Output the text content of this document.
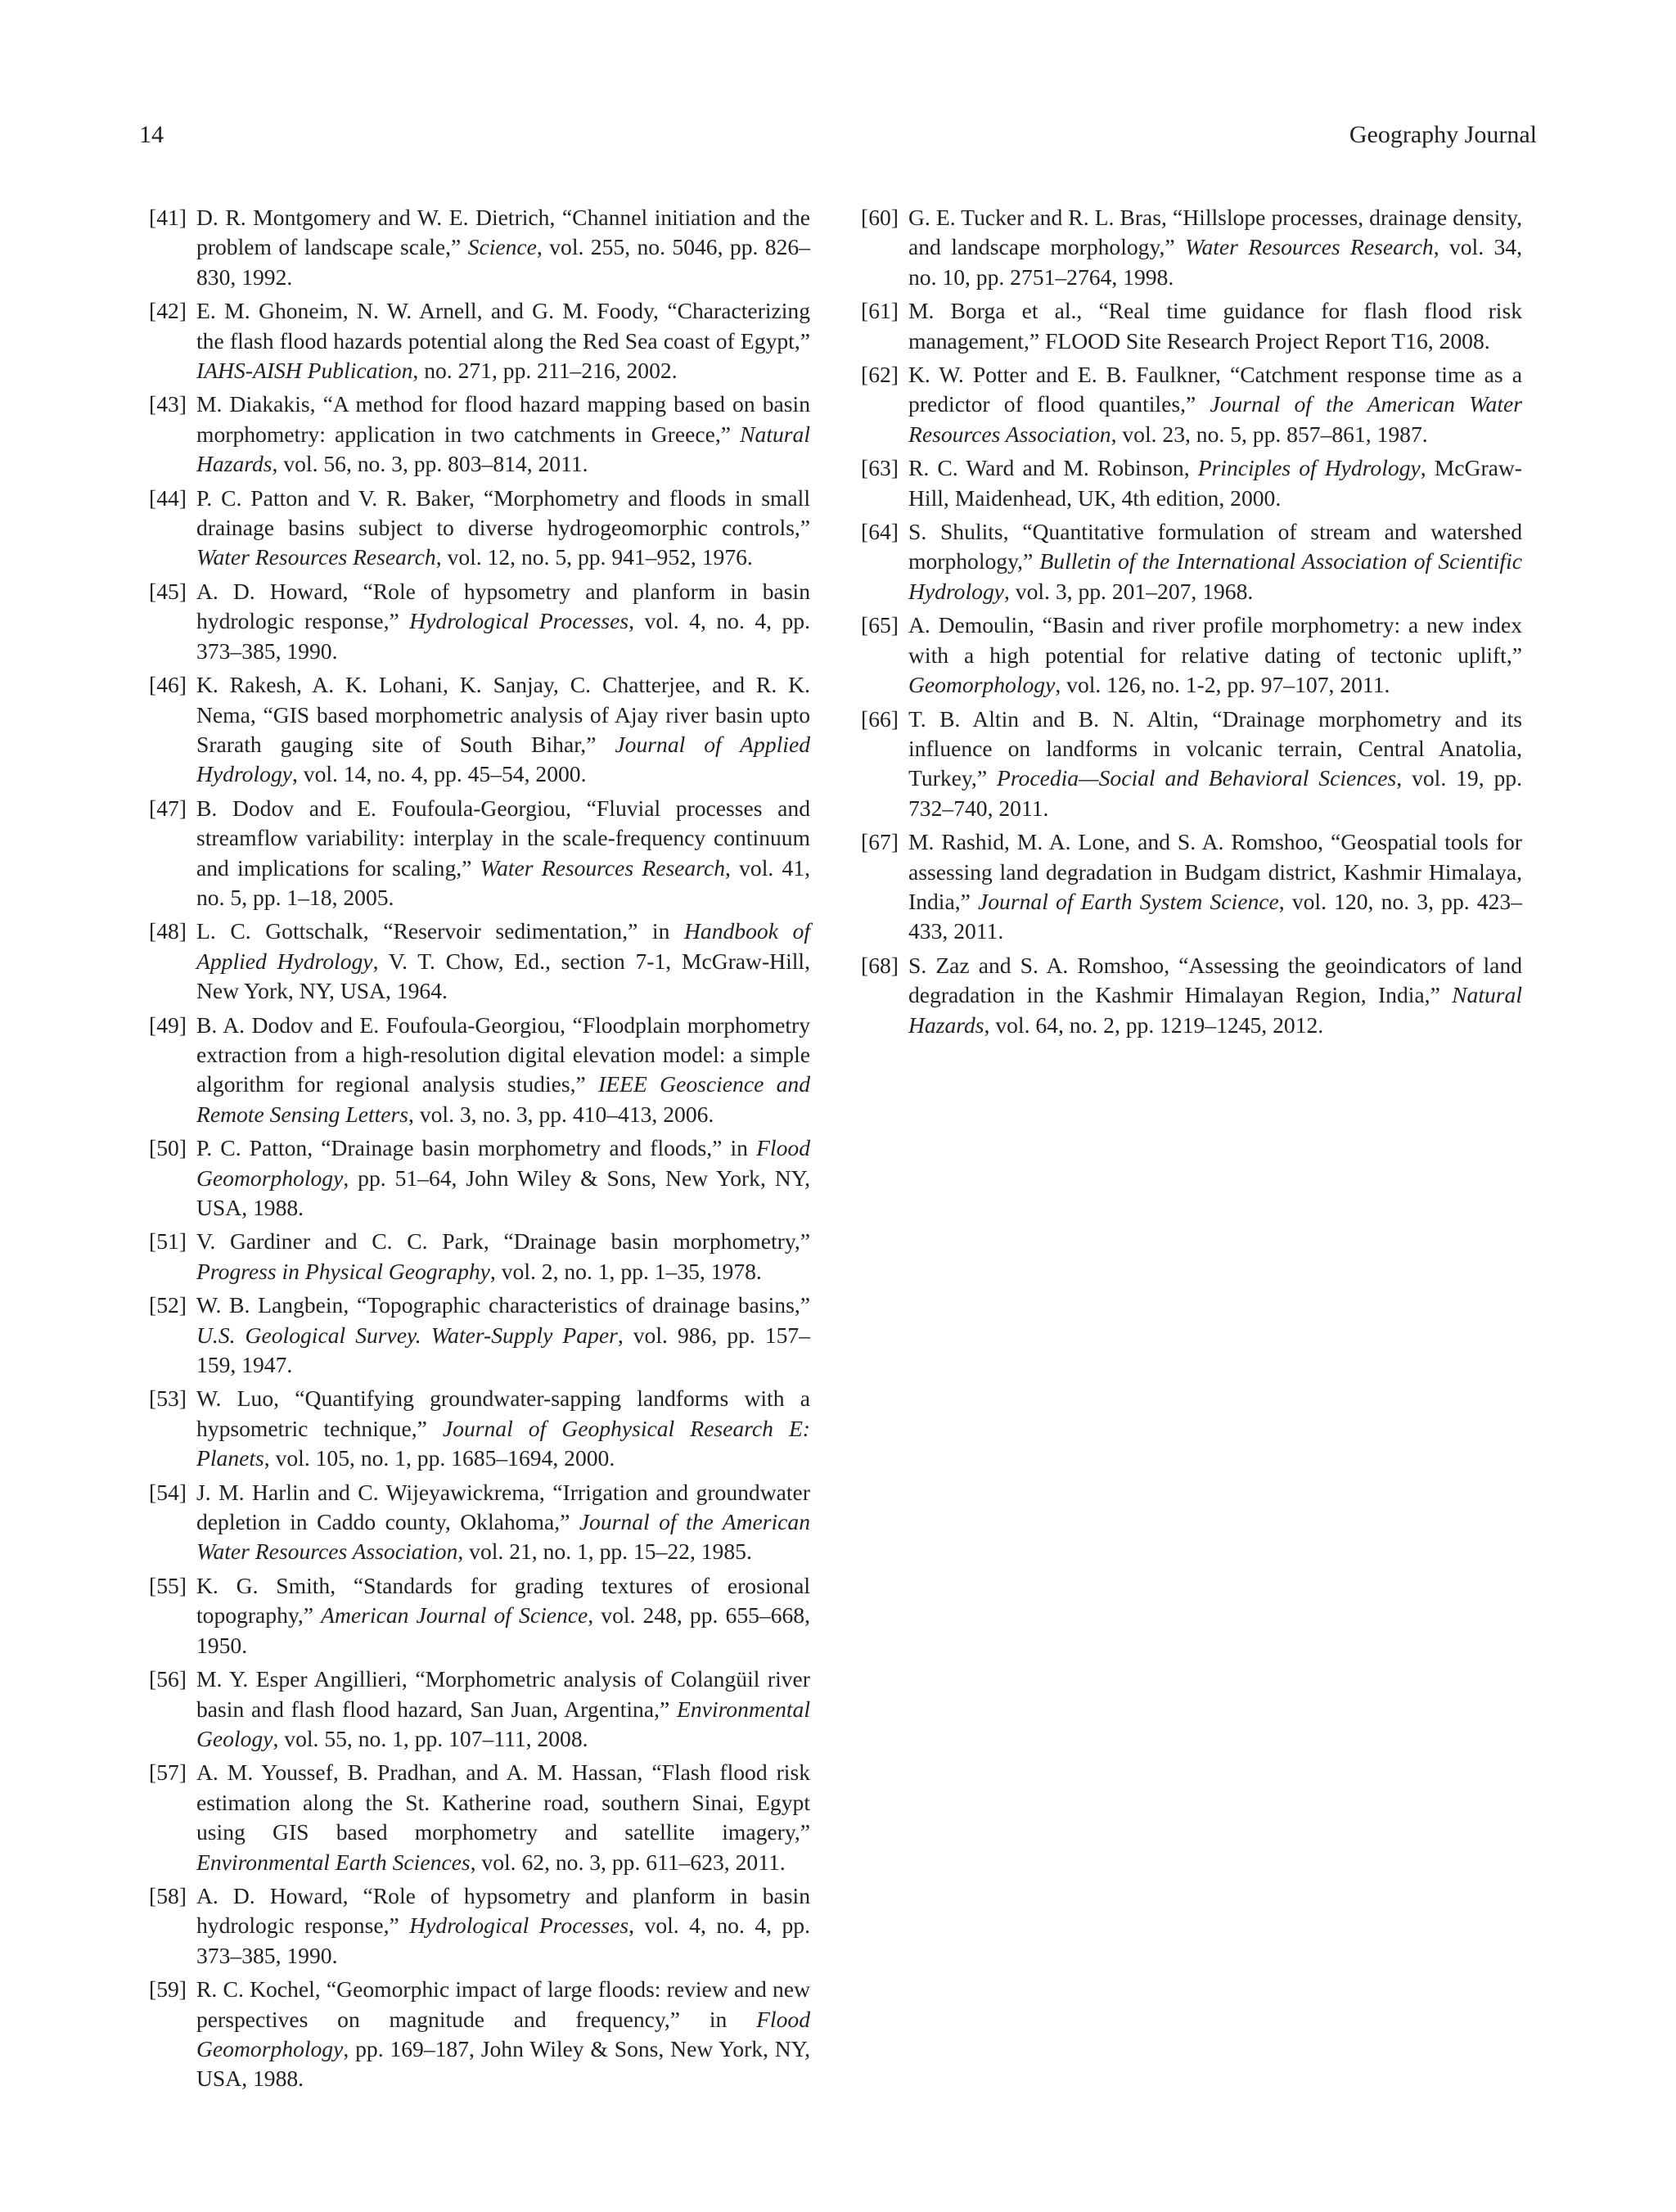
14	Geography Journal
[41] D. R. Montgomery and W. E. Dietrich, “Channel initiation and the problem of landscape scale,” Science, vol. 255, no. 5046, pp. 826–830, 1992.
[42] E. M. Ghoneim, N. W. Arnell, and G. M. Foody, “Characterizing the flash flood hazards potential along the Red Sea coast of Egypt,” IAHS-AISH Publication, no. 271, pp. 211–216, 2002.
[43] M. Diakakis, “A method for flood hazard mapping based on basin morphometry: application in two catchments in Greece,” Natural Hazards, vol. 56, no. 3, pp. 803–814, 2011.
[44] P. C. Patton and V. R. Baker, “Morphometry and floods in small drainage basins subject to diverse hydrogeomorphic controls,” Water Resources Research, vol. 12, no. 5, pp. 941–952, 1976.
[45] A. D. Howard, “Role of hypsometry and planform in basin hydrologic response,” Hydrological Processes, vol. 4, no. 4, pp. 373–385, 1990.
[46] K. Rakesh, A. K. Lohani, K. Sanjay, C. Chatterjee, and R. K. Nema, “GIS based morphometric analysis of Ajay river basin upto Srarath gauging site of South Bihar,” Journal of Applied Hydrology, vol. 14, no. 4, pp. 45–54, 2000.
[47] B. Dodov and E. Foufoula-Georgiou, “Fluvial processes and streamflow variability: interplay in the scale-frequency continuum and implications for scaling,” Water Resources Research, vol. 41, no. 5, pp. 1–18, 2005.
[48] L. C. Gottschalk, “Reservoir sedimentation,” in Handbook of Applied Hydrology, V. T. Chow, Ed., section 7-1, McGraw-Hill, New York, NY, USA, 1964.
[49] B. A. Dodov and E. Foufoula-Georgiou, “Floodplain morphometry extraction from a high-resolution digital elevation model: a simple algorithm for regional analysis studies,” IEEE Geoscience and Remote Sensing Letters, vol. 3, no. 3, pp. 410–413, 2006.
[50] P. C. Patton, “Drainage basin morphometry and floods,” in Flood Geomorphology, pp. 51–64, John Wiley & Sons, New York, NY, USA, 1988.
[51] V. Gardiner and C. C. Park, “Drainage basin morphometry,” Progress in Physical Geography, vol. 2, no. 1, pp. 1–35, 1978.
[52] W. B. Langbein, “Topographic characteristics of drainage basins,” U.S. Geological Survey. Water-Supply Paper, vol. 986, pp. 157–159, 1947.
[53] W. Luo, “Quantifying groundwater-sapping landforms with a hypsometric technique,” Journal of Geophysical Research E: Planets, vol. 105, no. 1, pp. 1685–1694, 2000.
[54] J. M. Harlin and C. Wijeyawickrema, “Irrigation and groundwater depletion in Caddo county, Oklahoma,” Journal of the American Water Resources Association, vol. 21, no. 1, pp. 15–22, 1985.
[55] K. G. Smith, “Standards for grading textures of erosional topography,” American Journal of Science, vol. 248, pp. 655–668, 1950.
[56] M. Y. Esper Angillieri, “Morphometric analysis of Colangüil river basin and flash flood hazard, San Juan, Argentina,” Environmental Geology, vol. 55, no. 1, pp. 107–111, 2008.
[57] A. M. Youssef, B. Pradhan, and A. M. Hassan, “Flash flood risk estimation along the St. Katherine road, southern Sinai, Egypt using GIS based morphometry and satellite imagery,” Environmental Earth Sciences, vol. 62, no. 3, pp. 611–623, 2011.
[58] A. D. Howard, “Role of hypsometry and planform in basin hydrologic response,” Hydrological Processes, vol. 4, no. 4, pp. 373–385, 1990.
[59] R. C. Kochel, “Geomorphic impact of large floods: review and new perspectives on magnitude and frequency,” in Flood Geomorphology, pp. 169–187, John Wiley & Sons, New York, NY, USA, 1988.
[60] G. E. Tucker and R. L. Bras, “Hillslope processes, drainage density, and landscape morphology,” Water Resources Research, vol. 34, no. 10, pp. 2751–2764, 1998.
[61] M. Borga et al., “Real time guidance for flash flood risk management,” FLOOD Site Research Project Report T16, 2008.
[62] K. W. Potter and E. B. Faulkner, “Catchment response time as a predictor of flood quantiles,” Journal of the American Water Resources Association, vol. 23, no. 5, pp. 857–861, 1987.
[63] R. C. Ward and M. Robinson, Principles of Hydrology, McGraw-Hill, Maidenhead, UK, 4th edition, 2000.
[64] S. Shulits, “Quantitative formulation of stream and watershed morphology,” Bulletin of the International Association of Scientific Hydrology, vol. 3, pp. 201–207, 1968.
[65] A. Demoulin, “Basin and river profile morphometry: a new index with a high potential for relative dating of tectonic uplift,” Geomorphology, vol. 126, no. 1-2, pp. 97–107, 2011.
[66] T. B. Altin and B. N. Altin, “Drainage morphometry and its influence on landforms in volcanic terrain, Central Anatolia, Turkey,” Procedia—Social and Behavioral Sciences, vol. 19, pp. 732–740, 2011.
[67] M. Rashid, M. A. Lone, and S. A. Romshoo, “Geospatial tools for assessing land degradation in Budgam district, Kashmir Himalaya, India,” Journal of Earth System Science, vol. 120, no. 3, pp. 423–433, 2011.
[68] S. Zaz and S. A. Romshoo, “Assessing the geoindicators of land degradation in the Kashmir Himalayan Region, India,” Natural Hazards, vol. 64, no. 2, pp. 1219–1245, 2012.
